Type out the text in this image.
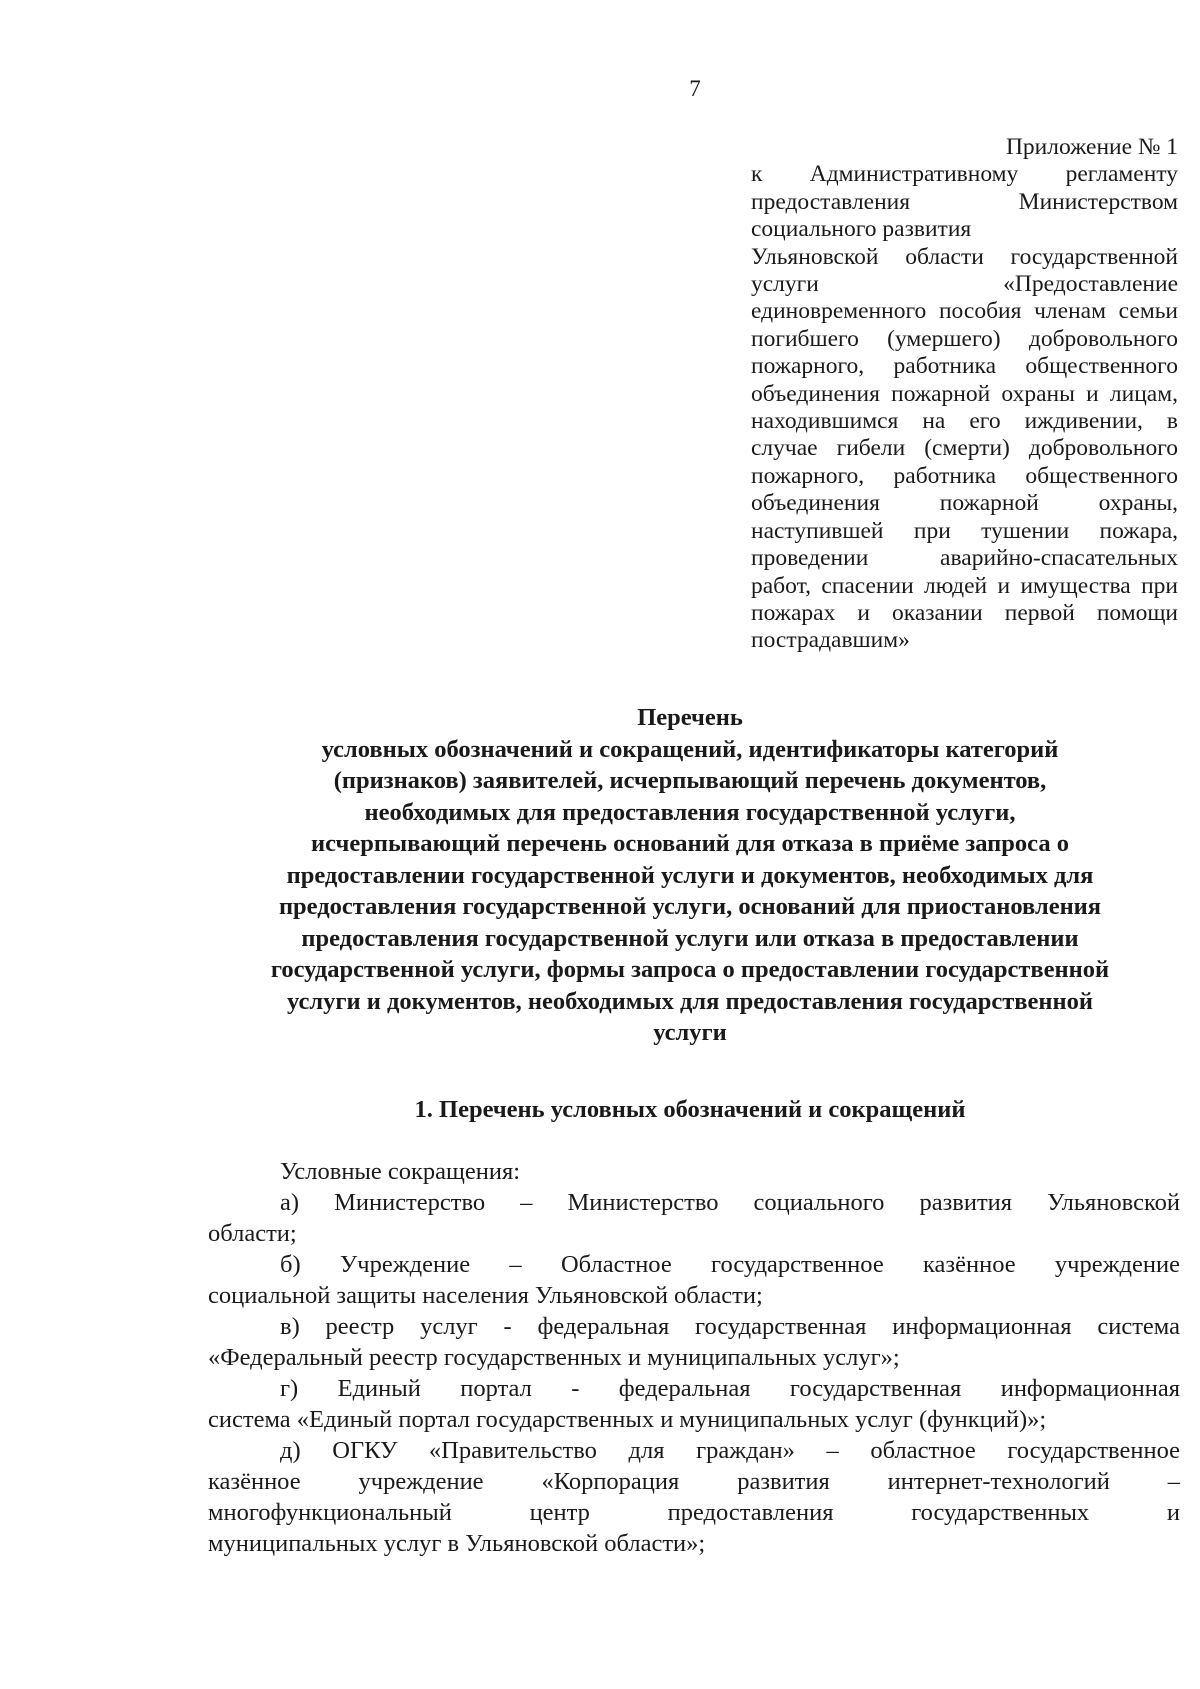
7
Приложение № 1
к Административному регламенту
предоставления Министерством
социального развития
Ульяновской области государственной
услуги «Предоставление
единовременного пособия членам семьи
погибшего (умершего) добровольного
пожарного, работника общественного
объединения пожарной охраны и лицам,
находившимся на его иждивении, в
случае гибели (смерти) добровольного
пожарного, работника общественного
объединения пожарной охраны,
наступившей при тушении пожара,
проведении аварийно-спасательных
работ, спасении людей и имущества при
пожарах и оказании первой помощи
пострадавшим»
Перечень
условных обозначений и сокращений, идентификаторы категорий
(признаков) заявителей, исчерпывающий перечень документов,
необходимых для предоставления государственной услуги,
исчерпывающий перечень оснований для отказа в приёме запроса о
предоставлении государственной услуги и документов, необходимых для
предоставления государственной услуги, оснований для приостановления
предоставления государственной услуги или отказа в предоставлении
государственной услуги, формы запроса о предоставлении государственной
услуги и документов, необходимых для предоставления государственной
услуги
1. Перечень условных обозначений и сокращений
Условные сокращения:
а) Министерство – Министерство социального развития Ульяновской
области;
б) Учреждение – Областное государственное казённое учреждение
социальной защиты населения Ульяновской области;
в) реестр услуг - федеральная государственная информационная система
«Федеральный реестр государственных и муниципальных услуг»;
г) Единый портал - федеральная государственная информационная
система «Единый портал государственных и муниципальных услуг (функций)»;
д) ОГКУ «Правительство для граждан» – областное государственное
казённое учреждение «Корпорация развития интернет-технологий –
многофункциональный центр предоставления государственных и
муниципальных услуг в Ульяновской области»;
